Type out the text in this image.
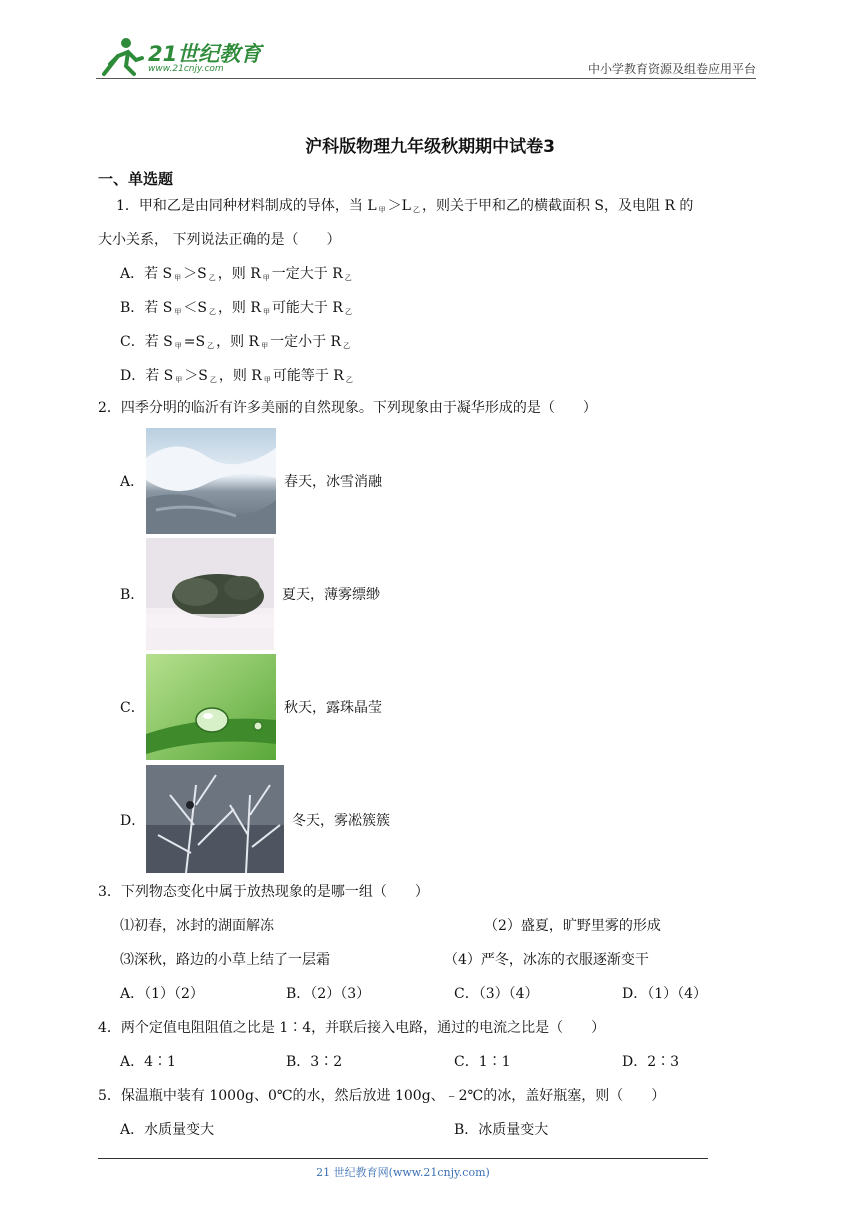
21世纪教育
www.21cnjy.com	中小学教育资源及组卷应用平台
沪科版物理九年级秋期期中试卷3
一、单选题
1．甲和乙是由同种材料制成的导体，当 L $_甲$ ＞L $_乙$ ，则关于甲和乙的横截面积 S，及电阻 R 的
大小关系， 下列说法正确的是（　　）
A．若 S $_甲$ ＞S $_乙$ ，则 R $_甲$ 一定大于 R $_乙$
B．若 S $_甲$ ＜S $_乙$ ，则 R $_甲$ 可能大于 R $_乙$
C．若 S $_甲$ =S $_乙$ ，则 R $_甲$ 一定小于 R $_乙$
D．若 S $_甲$ ＞S $_乙$ ，则 R $_甲$ 可能等于 R $_乙$
2．四季分明的临沂有许多美丽的自然现象。下列现象由于凝华形成的是（　　）
A．	春天，冰雪消融
B．	夏天，薄雾缥缈
C．	秋天，露珠晶莹
D．	冬天，雾凇簇簇
3．下列物态变化中属于放热现象的是哪一组（　　）
⑴初春，冰封的湖面解冻	（2）盛夏，旷野里雾的形成
⑶深秋，路边的小草上结了一层霜	（4）严冬，冰冻的衣服逐渐变干
A．（1）（2）	B．（2）（3）	C．（3）（4）	D．（1）（4）
4．两个定值电阻阻值之比是 1∶4，并联后接入电路，通过的电流之比是（　　）
A．4∶1	B．3∶2	C．1∶1	D．2∶3
5．保温瓶中装有 1000g、0℃的水，然后放进 100g、﹣2℃的冰，盖好瓶塞，则（　　）
A．水质量变大	B．冰质量变大
21 世纪教育网(www.21cnjy.com)
